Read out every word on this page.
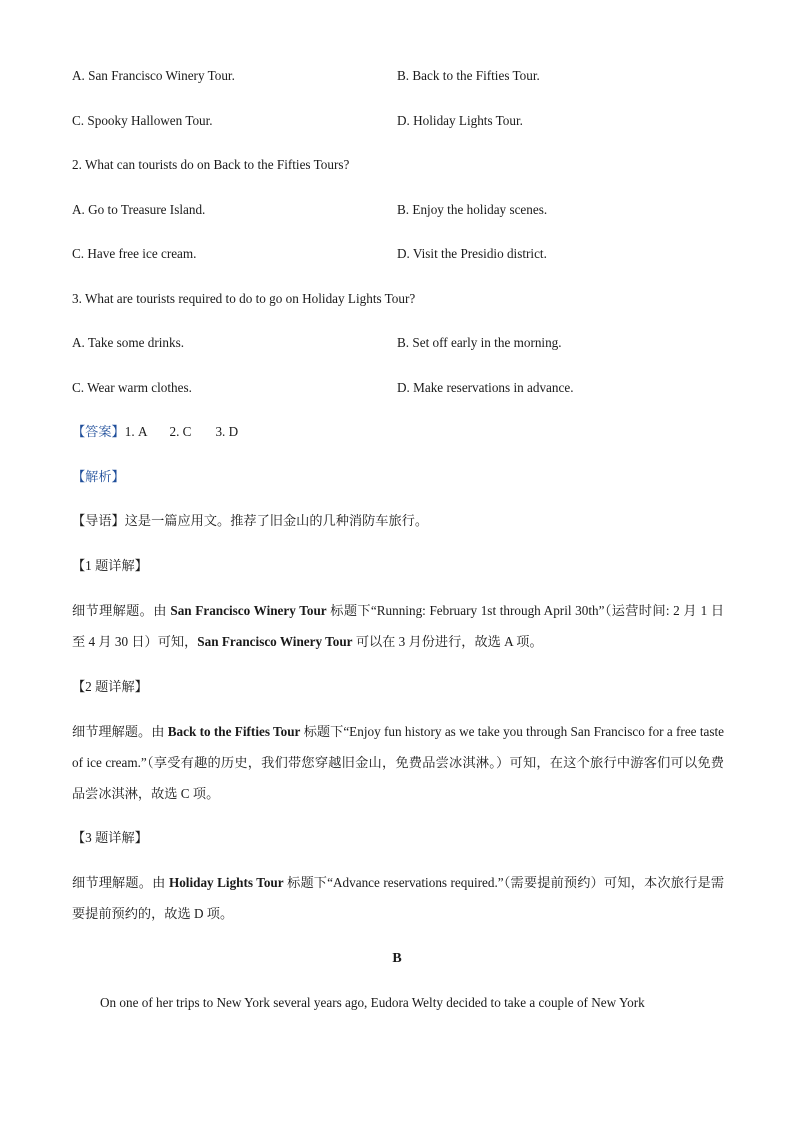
A. San Francisco Winery Tour.	B. Back to the Fifties Tour.
C. Spooky Hallowen Tour.	D. Holiday Lights Tour.
2. What can tourists do on Back to the Fifties Tours?
A. Go to Treasure Island.	B. Enjoy the holiday scenes.
C. Have free ice cream.	D. Visit the Presidio district.
3. What are tourists required to do to go on Holiday Lights Tour?
A. Take some drinks.	B. Set off early in the morning.
C. Wear warm clothes.	D. Make reservations in advance.
【答案】1. A 2. C 3. D
【解析】
【导语】这是一篇应用文。推荐了旧金山的几种消防车旅行。
【1 题详解】
细节理解题。由 San Francisco Winery Tour 标题下“Running: February 1st through April 30th”（运营时间: 2 月 1 日至 4 月 30 日）可知，San Francisco Winery Tour 可以在 3 月份进行，故选 A 项。
【2 题详解】
细节理解题。由 Back to the Fifties Tour 标题下“Enjoy fun history as we take you through San Francisco for a free taste of ice cream.”（享受有趣的历史，我们带您穿越旧金山，免费品尝冰淇淋。）可知，在这个旅行中游客们可以免费品尝冰淇淋，故选 C 项。
【3 题详解】
细节理解题。由 Holiday Lights Tour 标题下“Advance reservations required.”（需要提前预约）可知，本次旅行是需要提前预约的，故选 D 项。
B
On one of her trips to New York several years ago, Eudora Welty decided to take a couple of New York
